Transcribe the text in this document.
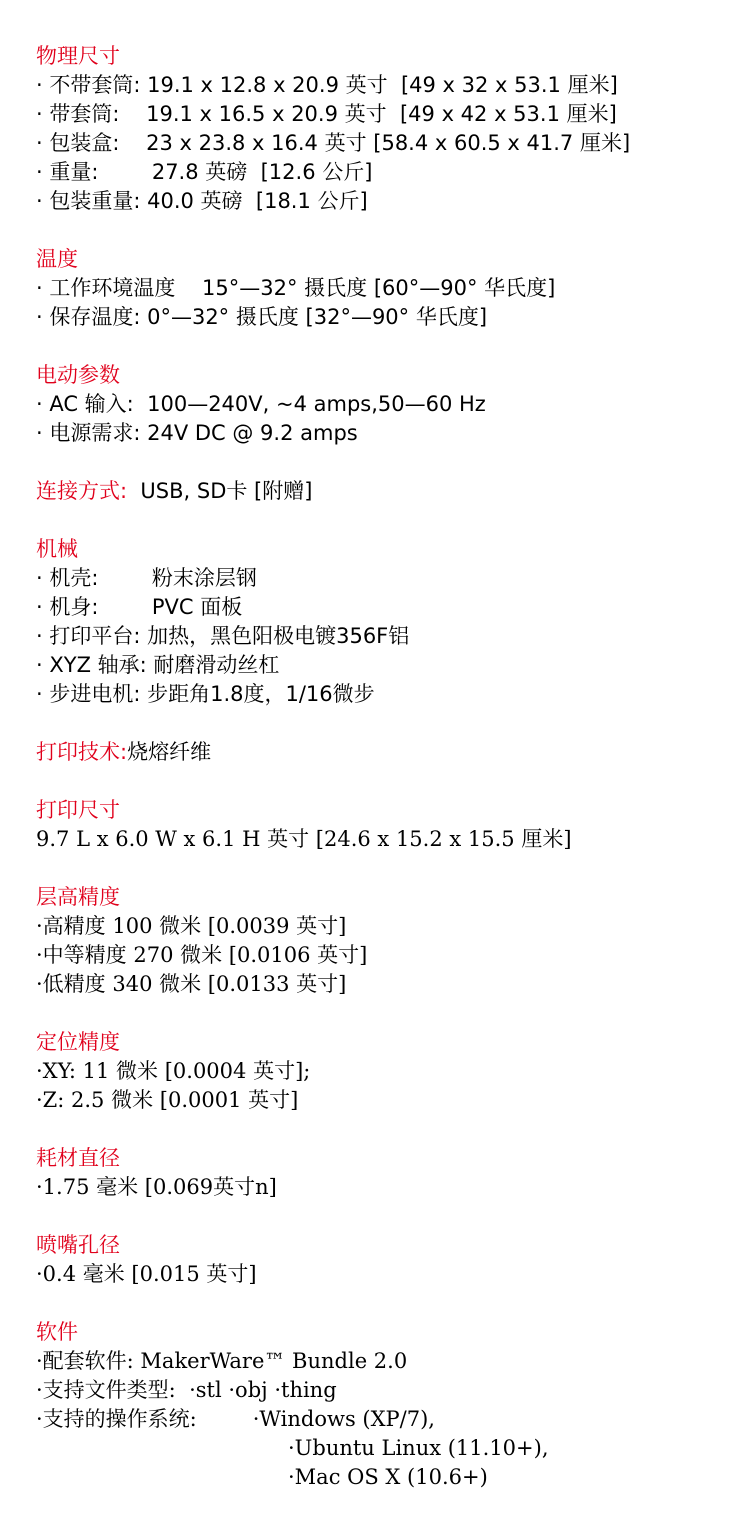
物理尺寸
· 不带套筒: 19.1 x 12.8 x 20.9 英寸  [49 x 32 x 53.1 厘米]
· 带套筒:    19.1 x 16.5 x 20.9 英寸  [49 x 42 x 53.1 厘米]
· 包装盒:    23 x 23.8 x 16.4 英寸 [58.4 x 60.5 x 41.7 厘米]
· 重量:        27.8 英磅  [12.6 公斤]
· 包装重量: 40.0 英磅  [18.1 公斤]
温度
· 工作环境温度    15°—32° 摄氏度 [60°—90° 华氏度]
· 保存温度: 0°—32° 摄氏度 [32°—90° 华氏度]
电动参数
· AC 输入:  100—240V, ~4 amps,50—60 Hz
· 电源需求: 24V DC @ 9.2 amps
连接方式:  USB, SD卡 [附赠]
机械
· 机壳:        粉末涂层钢
· 机身:        PVC 面板
· 打印平台: 加热，黑色阳极电镀356F铝
· XYZ 轴承: 耐磨滑动丝杠
· 步进电机: 步距角1.8度，1/16微步
打印技术:烧熔纤维
打印尺寸
9.7 L x 6.0 W x 6.1 H 英寸 [24.6 x 15.2 x 15.5 厘米]
层高精度
·高精度 100 微米 [0.0039 英寸]
·中等精度 270 微米 [0.0106 英寸]
·低精度 340 微米 [0.0133 英寸]
定位精度
·XY: 11 微米 [0.0004 英寸];
·Z: 2.5 微米 [0.0001 英寸]
耗材直径
·1.75 毫米 [0.069英寸n]
喷嘴孔径
·0.4 毫米 [0.015 英寸]
软件
·配套软件: MakerWare™ Bundle 2.0
·支持文件类型:  ·stl ·obj ·thing
·支持的操作系统:	·Windows (XP/7),
·Ubuntu Linux (11.10+),
·Mac OS X (10.6+)
